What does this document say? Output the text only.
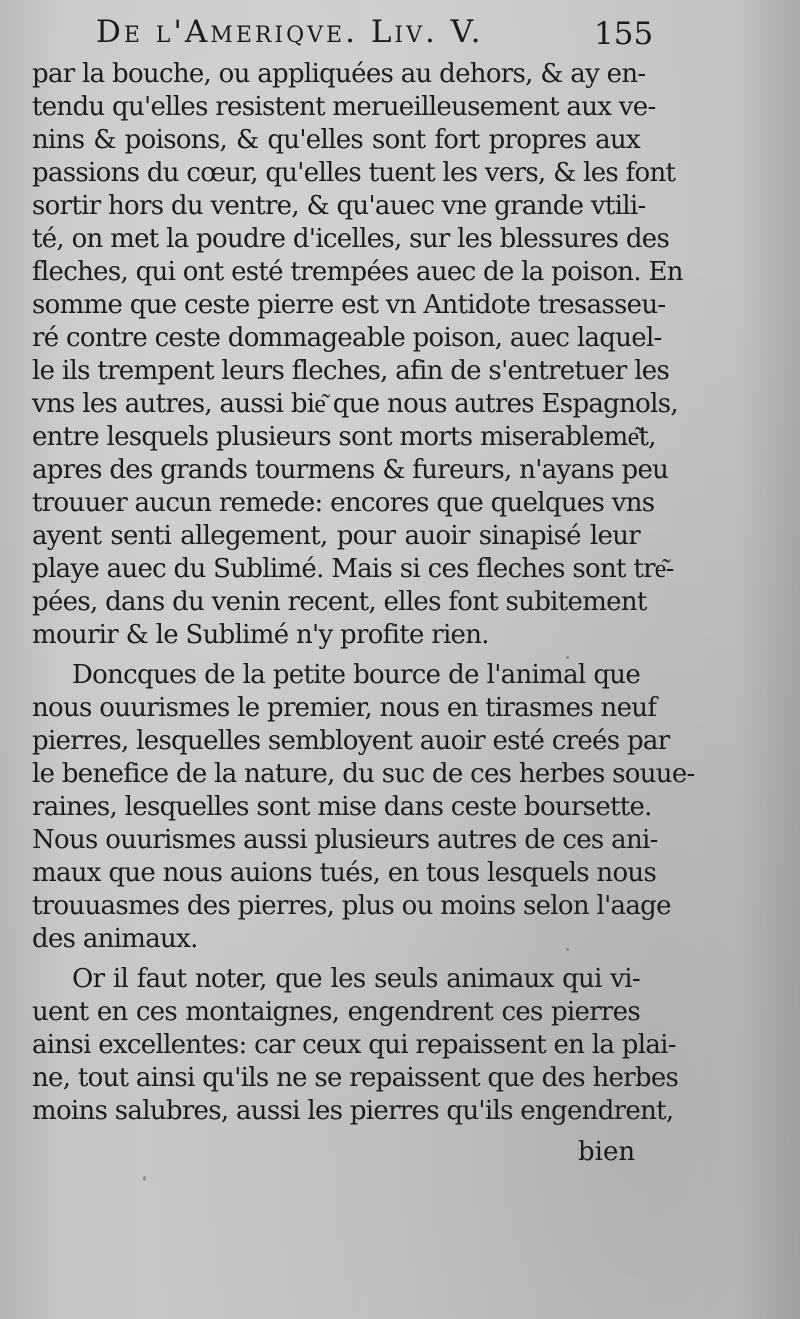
De l'Ameriqve. Liv. V.	155
par la bouche, ou appliquées au dehors, & ay en-
tendu qu'elles resistent merueilleusement aux ve-
nins & poisons, & qu'elles sont fort propres aux
passions du cœur, qu'elles tuent les vers, & les font
sortir hors du ventre, & qu'auec vne grande vtili-
té, on met la poudre d'icelles, sur les blessures des
fleches, qui ont esté trempées auec de la poison. En
somme que ceste pierre est vn Antidote tresasseu-
ré contre ceste dommageable poison, auec laquel-
le ils trempent leurs fleches, afin de s'entretuer les
vns les autres, aussi bie͂ que nous autres Espagnols,
entre lesquels plusieurs sont morts miserableme͂t,
apres des grands tourmens & fureurs, n'ayans peu
trouuer aucun remede: encores que quelques vns
ayent senti allegement, pour auoir sinapisé leur
playe auec du Sublimé. Mais si ces fleches sont tre͂-
pées, dans du venin recent, elles font subitement
mourir & le Sublimé n'y profite rien.
Doncques de la petite bource de l'animal que
nous ouurismes le premier, nous en tirasmes neuf
pierres, lesquelles sembloyent auoir esté creés par
le benefice de la nature, du suc de ces herbes souue-
raines, lesquelles sont mise dans ceste boursette.
Nous ouurismes aussi plusieurs autres de ces ani-
maux que nous auions tués, en tous lesquels nous
trouuasmes des pierres, plus ou moins selon l'aage
des animaux.
Or il faut noter, que les seuls animaux qui vi-
uent en ces montaignes, engendrent ces pierres
ainsi excellentes: car ceux qui repaissent en la plai-
ne, tout ainsi qu'ils ne se repaissent que des herbes
moins salubres, aussi les pierres qu'ils engendrent,
bien
